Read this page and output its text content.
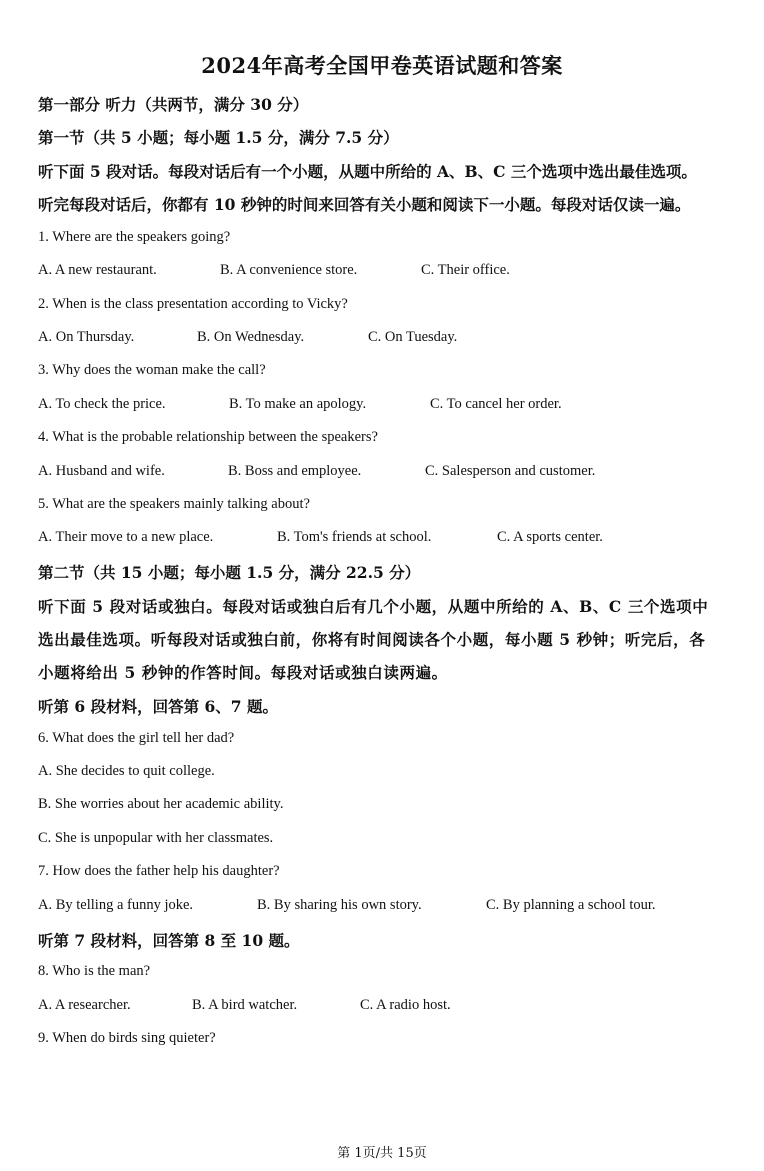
2024年高考全国甲卷英语试题和答案
第一部分 听力（共两节，满分 30 分）
第一节（共 5 小题；每小题 1.5 分，满分 7.5 分）
听下面 5 段对话。每段对话后有一个小题，从题中所给的 A、B、C 三个选项中选出最佳选项。
听完每段对话后，你都有 10 秒钟的时间来回答有关小题和阅读下一小题。每段对话仅读一遍。
1. Where are the speakers going?
A. A new restaurant.	B. A convenience store.	C. Their office.
2. When is the class presentation according to Vicky?
A. On Thursday.	B. On Wednesday.	C. On Tuesday.
3. Why does the woman make the call?
A. To check the price.	B. To make an apology.	C. To cancel her order.
4. What is the probable relationship between the speakers?
A. Husband and wife.	B. Boss and employee.	C. Salesperson and customer.
5. What are the speakers mainly talking about?
A. Their move to a new place.	B. Tom's friends at school.	C. A sports center.
第二节（共 15 小题；每小题 1.5 分，满分 22.5 分）
听下面 5 段对话或独白。每段对话或独白后有几个小题，从题中所给的 A、B、C 三个选项中
选出最佳选项。听每段对话或独白前，你将有时间阅读各个小题，每小题 5 秒钟；听完后，各
小题将给出 5 秒钟的作答时间。每段对话或独白读两遍。
听第 6 段材料，回答第 6、7 题。
6. What does the girl tell her dad?
A. She decides to quit college.
B. She worries about her academic ability.
C. She is unpopular with her classmates.
7. How does the father help his daughter?
A. By telling a funny joke.	B. By sharing his own story.	C. By planning a school tour.
听第 7 段材料，回答第 8 至 10 题。
8. Who is the man?
A. A researcher.	B. A bird watcher.	C. A radio host.
9. When do birds sing quieter?
第 1页/共 15页
